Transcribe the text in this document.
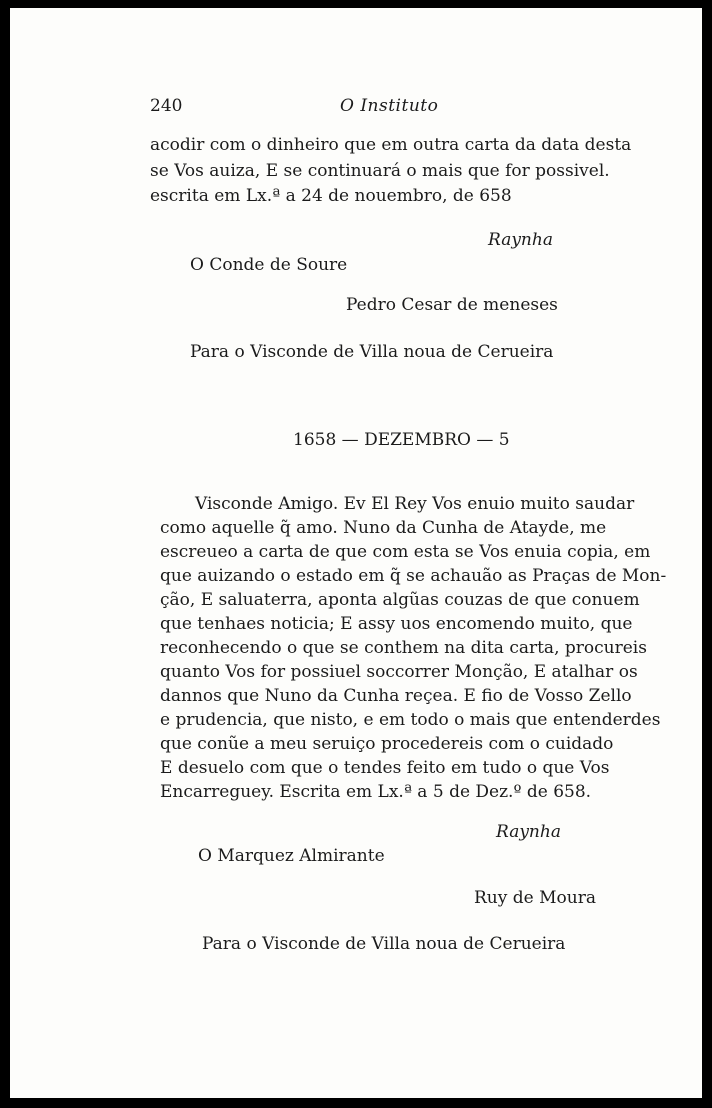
240	O Instituto
acodir com o dinheiro que em outra carta da data desta
se Vos auiza, E se continuará o mais que for possivel.
escrita em Lx.ª a 24 de nouembro, de 658
Raynha
O Conde de Soure
Pedro Cesar de meneses
Para o Visconde de Villa noua de Cerueira
1658 — DEZEMBRO — 5
Visconde Amigo. Ev El Rey Vos enuio muito saudar
como aquelle q̃ amo. Nuno da Cunha de Atayde, me
escreueo a carta de que com esta se Vos enuia copia, em
que auizando o estado em q̃ se achauão as Praças de Mon-
ção, E saluaterra, aponta algũas couzas de que conuem
que tenhaes noticia; E assy uos encomendo muito, que
reconhecendo o que se conthem na dita carta, procureis
quanto Vos for possiuel soccorrer Monção, E atalhar os
dannos que Nuno da Cunha reçea. E fio de Vosso Zello
e prudencia, que nisto, e em todo o mais que entenderdes
que conũe a meu seruiço procedereis com o cuidado
E desuelo com que o tendes feito em tudo o que Vos
Encarreguey. Escrita em Lx.ª a 5 de Dez.º de 658.
Raynha
O Marquez Almirante
Ruy de Moura
Para o Visconde de Villa noua de Cerueira
